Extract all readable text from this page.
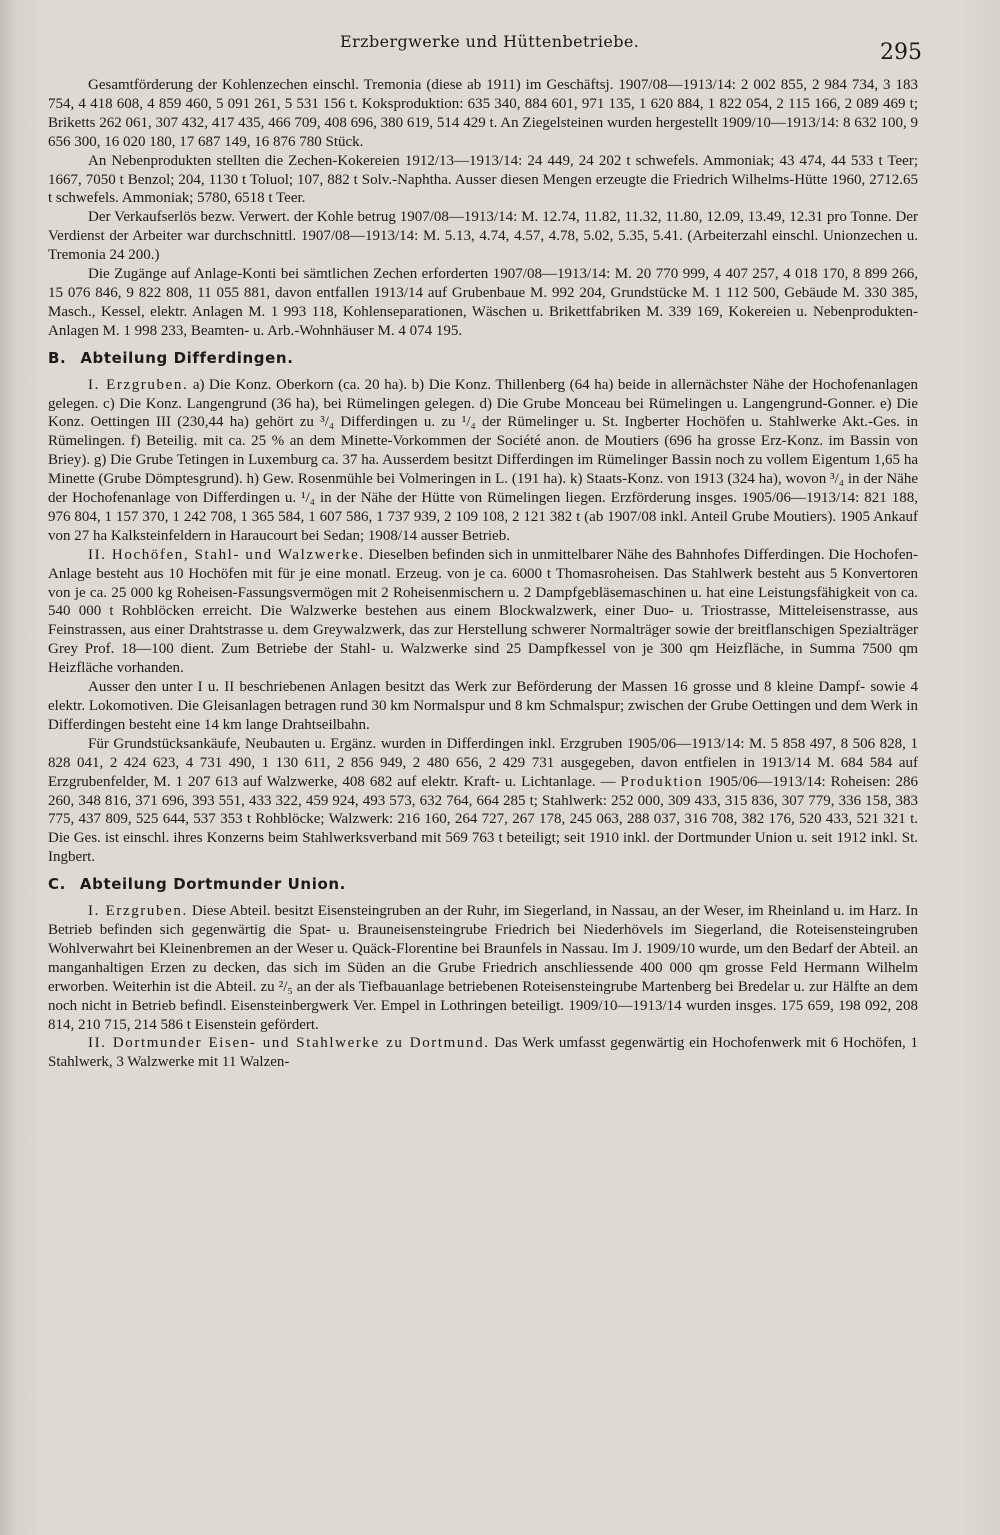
Erzbergwerke und Hüttenbetriebe.	295

Gesamtförderung der Kohlenzechen einschl. Tremonia (diese ab 1911) im Geschäftsj. 1907/08—1913/14: 2 002 855, 2 984 734, 3 183 754, 4 418 608, 4 859 460, 5 091 261, 5 531 156 t. Koksproduktion: 635 340, 884 601, 971 135, 1 620 884, 1 822 054, 2 115 166, 2 089 469 t; Briketts 262 061, 307 432, 417 435, 466 709, 408 696, 380 619, 514 429 t. An Ziegelsteinen wurden hergestellt 1909/10—1913/14: 8 632 100, 9 656 300, 16 020 180, 17 687 149, 16 876 780 Stück.

An Nebenprodukten stellten die Zechen-Kokereien 1912/13—1913/14: 24 449, 24 202 t schwefels. Ammoniak; 43 474, 44 533 t Teer; 1667, 7050 t Benzol; 204, 1130 t Toluol; 107, 882 t Solv.-Naphtha. Ausser diesen Mengen erzeugte die Friedrich Wilhelms-Hütte 1960, 2712.65 t schwefels. Ammoniak; 5780, 6518 t Teer.

Der Verkaufserlös bezw. Verwert. der Kohle betrug 1907/08—1913/14: M. 12.74, 11.82, 11.32, 11.80, 12.09, 13.49, 12.31 pro Tonne. Der Verdienst der Arbeiter war durchschnittl. 1907/08—1913/14: M. 5.13, 4.74, 4.57, 4.78, 5.02, 5.35, 5.41. (Arbeiterzahl einschl. Unionzechen u. Tremonia 24 200.)

Die Zugänge auf Anlage-Konti bei sämtlichen Zechen erforderten 1907/08—1913/14: M. 20 770 999, 4 407 257, 4 018 170, 8 899 266, 15 076 846, 9 822 808, 11 055 881, davon entfallen 1913/14 auf Grubenbaue M. 992 204, Grundstücke M. 1 112 500, Gebäude M. 330 385, Masch., Kessel, elektr. Anlagen M. 1 993 118, Kohlenseparationen, Wäschen u. Brikettfabriken M. 339 169, Kokereien u. Nebenprodukten-Anlagen M. 1 998 233, Beamten- u. Arb.-Wohnhäuser M. 4 074 195.

B. Abteilung Differdingen.

I. Erzgruben. a) Die Konz. Oberkorn (ca. 20 ha). b) Die Konz. Thillenberg (64 ha) beide in allernächster Nähe der Hochofenanlagen gelegen. c) Die Konz. Langengrund (36 ha), bei Rümelingen gelegen. d) Die Grube Monceau bei Rümelingen u. Langengrund-Gonner. e) Die Konz. Oettingen III (230,44 ha) gehört zu ³/₄ Differdingen u. zu ¹/₄ der Rümelinger u. St. Ingberter Hochöfen u. Stahlwerke Akt.-Ges. in Rümelingen. f) Beteilig. mit ca. 25 % an dem Minette-Vorkommen der Société anon. de Moutiers (696 ha grosse Erz-Konz. im Bassin von Briey). g) Die Grube Tetingen in Luxemburg ca. 37 ha. Ausserdem besitzt Differdingen im Rümelinger Bassin noch zu vollem Eigentum 1,65 ha Minette (Grube Dömptesgrund). h) Gew. Rosenmühle bei Volmeringen in L. (191 ha). k) Staats-Konz. von 1913 (324 ha), wovon ³/₄ in der Nähe der Hochofenanlage von Differdingen u. ¹/₄ in der Nähe der Hütte von Rümelingen liegen. Erzförderung insges. 1905/06—1913/14: 821 188, 976 804, 1 157 370, 1 242 708, 1 365 584, 1 607 586, 1 737 939, 2 109 108, 2 121 382 t (ab 1907/08 inkl. Anteil Grube Moutiers). 1905 Ankauf von 27 ha Kalksteinfeldern in Haraucourt bei Sedan; 1908/14 ausser Betrieb.

II. Hochöfen, Stahl- und Walzwerke. Dieselben befinden sich in unmittelbarer Nähe des Bahnhofes Differdingen. Die Hochofen-Anlage besteht aus 10 Hochöfen mit für je eine monatl. Erzeug. von je ca. 6000 t Thomasroheisen. Das Stahlwerk besteht aus 5 Konvertoren von je ca. 25 000 kg Roheisen-Fassungsvermögen mit 2 Roheisenmischern u. 2 Dampfgebläsemaschinen u. hat eine Leistungsfähigkeit von ca. 540 000 t Rohblöcken erreicht. Die Walzwerke bestehen aus einem Blockwalzwerk, einer Duo- u. Triostrasse, Mitteleisenstrasse, aus Feinstrassen, aus einer Drahtstrasse u. dem Greywalzwerk, das zur Herstellung schwerer Normalträger sowie der breitflanschigen Spezialträger Grey Prof. 18—100 dient. Zum Betriebe der Stahl- u. Walzwerke sind 25 Dampfkessel von je 300 qm Heizfläche, in Summa 7500 qm Heizfläche vorhanden.

Ausser den unter I u. II beschriebenen Anlagen besitzt das Werk zur Beförderung der Massen 16 grosse und 8 kleine Dampf- sowie 4 elektr. Lokomotiven. Die Gleisanlagen betragen rund 30 km Normalspur und 8 km Schmalspur; zwischen der Grube Oettingen und dem Werk in Differdingen besteht eine 14 km lange Drahtseilbahn.

Für Grundstücksankäufe, Neubauten u. Ergänz. wurden in Differdingen inkl. Erzgruben 1905/06—1913/14: M. 5 858 497, 8 506 828, 1 828 041, 2 424 623, 4 731 490, 1 130 611, 2 856 949, 2 480 656, 2 429 731 ausgegeben, davon entfielen in 1913/14 M. 684 584 auf Erzgrubenfelder, M. 1 207 613 auf Walzwerke, 408 682 auf elektr. Kraft- u. Lichtanlage. — Produktion 1905/06—1913/14: Roheisen: 286 260, 348 816, 371 696, 393 551, 433 322, 459 924, 493 573, 632 764, 664 285 t; Stahlwerk: 252 000, 309 433, 315 836, 307 779, 336 158, 383 775, 437 809, 525 644, 537 353 t Rohblöcke; Walzwerk: 216 160, 264 727, 267 178, 245 063, 288 037, 316 708, 382 176, 520 433, 521 321 t. Die Ges. ist einschl. ihres Konzerns beim Stahlwerksverband mit 569 763 t beteiligt; seit 1910 inkl. der Dortmunder Union u. seit 1912 inkl. St. Ingbert.

C. Abteilung Dortmunder Union.

I. Erzgruben. Diese Abteil. besitzt Eisensteingruben an der Ruhr, im Siegerland, in Nassau, an der Weser, im Rheinland u. im Harz. In Betrieb befinden sich gegenwärtig die Spat- u. Brauneisensteingrube Friedrich bei Niederhövels im Siegerland, die Roteisensteingruben Wohlverwahrt bei Kleinenbremen an der Weser u. Quäck-Florentine bei Braunfels in Nassau. Im J. 1909/10 wurde, um den Bedarf der Abteil. an manganhaltigen Erzen zu decken, das sich im Süden an die Grube Friedrich anschliessende 400 000 qm grosse Feld Hermann Wilhelm erworben. Weiterhin ist die Abteil. zu ²/₅ an der als Tiefbauanlage betriebenen Roteisensteingrube Martenberg bei Bredelar u. zur Hälfte an dem noch nicht in Betrieb befindl. Eisensteinbergwerk Ver. Empel in Lothringen beteiligt. 1909/10—1913/14 wurden insges. 175 659, 198 092, 208 814, 210 715, 214 586 t Eisenstein gefördert.

II. Dortmunder Eisen- und Stahlwerke zu Dortmund. Das Werk umfasst gegenwärtig ein Hochofenwerk mit 6 Hochöfen, 1 Stahlwerk, 3 Walzwerke mit 11 Walzen-
